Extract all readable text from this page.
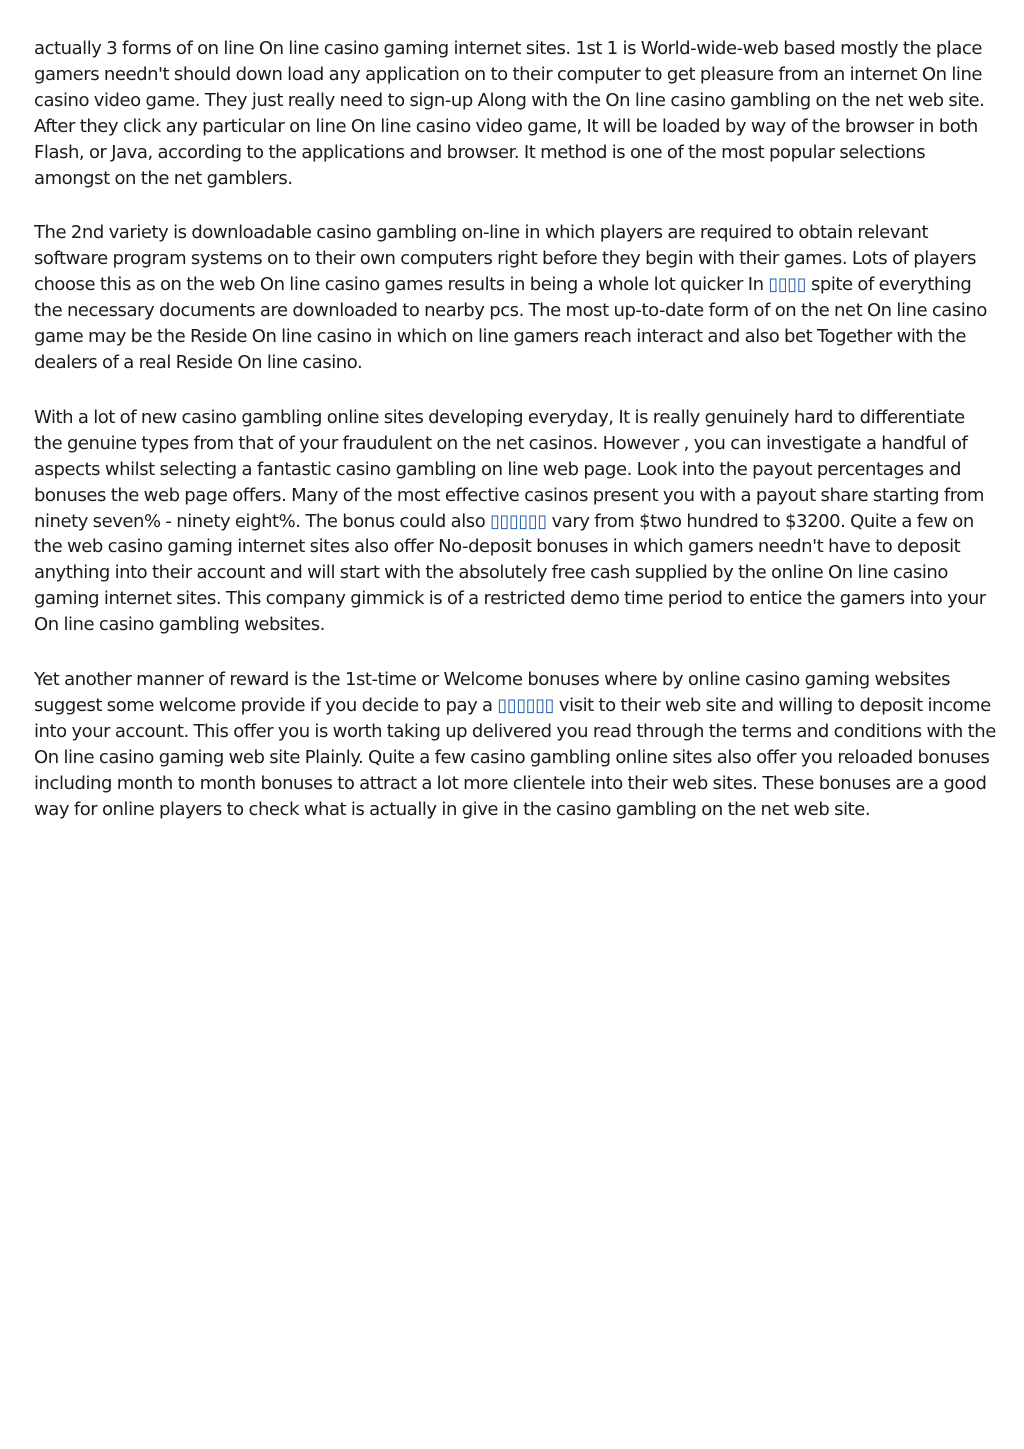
actually 3 forms of on line On line casino gaming internet sites. 1st 1 is World-wide-web based mostly the place gamers needn't should down load any application on to their computer to get pleasure from an internet On line casino video game. They just really need to sign-up Along with the On line casino gambling on the net web site. After they click any particular on line On line casino video game, It will be loaded by way of the browser in both Flash, or Java, according to the applications and browser. It method is one of the most popular selections amongst on the net gamblers.

The 2nd variety is downloadable casino gambling on-line in which players are required to obtain relevant software program systems on to their own computers right before they begin with their games. Lots of players choose this as on the web On line casino games results in being a whole lot quicker In ▯▯▯▯ spite of everything the necessary documents are downloaded to nearby pcs. The most up-to-date form of on the net On line casino game may be the Reside On line casino in which on line gamers reach interact and also bet Together with the dealers of a real Reside On line casino.

With a lot of new casino gambling online sites developing everyday, It is really genuinely hard to differentiate the genuine types from that of your fraudulent on the net casinos. However , you can investigate a handful of aspects whilst selecting a fantastic casino gambling on line web page. Look into the payout percentages and bonuses the web page offers. Many of the most effective casinos present you with a payout share starting from ninety seven% - ninety eight%. The bonus could also ▯▯▯▯▯▯ vary from $two hundred to $3200. Quite a few on the web casino gaming internet sites also offer No-deposit bonuses in which gamers needn't have to deposit anything into their account and will start with the absolutely free cash supplied by the online On line casino gaming internet sites. This company gimmick is of a restricted demo time period to entice the gamers into your On line casino gambling websites.

Yet another manner of reward is the 1st-time or Welcome bonuses where by online casino gaming websites suggest some welcome provide if you decide to pay a ▯▯▯▯▯▯ visit to their web site and willing to deposit income into your account. This offer you is worth taking up delivered you read through the terms and conditions with the On line casino gaming web site Plainly. Quite a few casino gambling online sites also offer you reloaded bonuses including month to month bonuses to attract a lot more clientele into their web sites. These bonuses are a good way for online players to check what is actually in give in the casino gambling on the net web site.
